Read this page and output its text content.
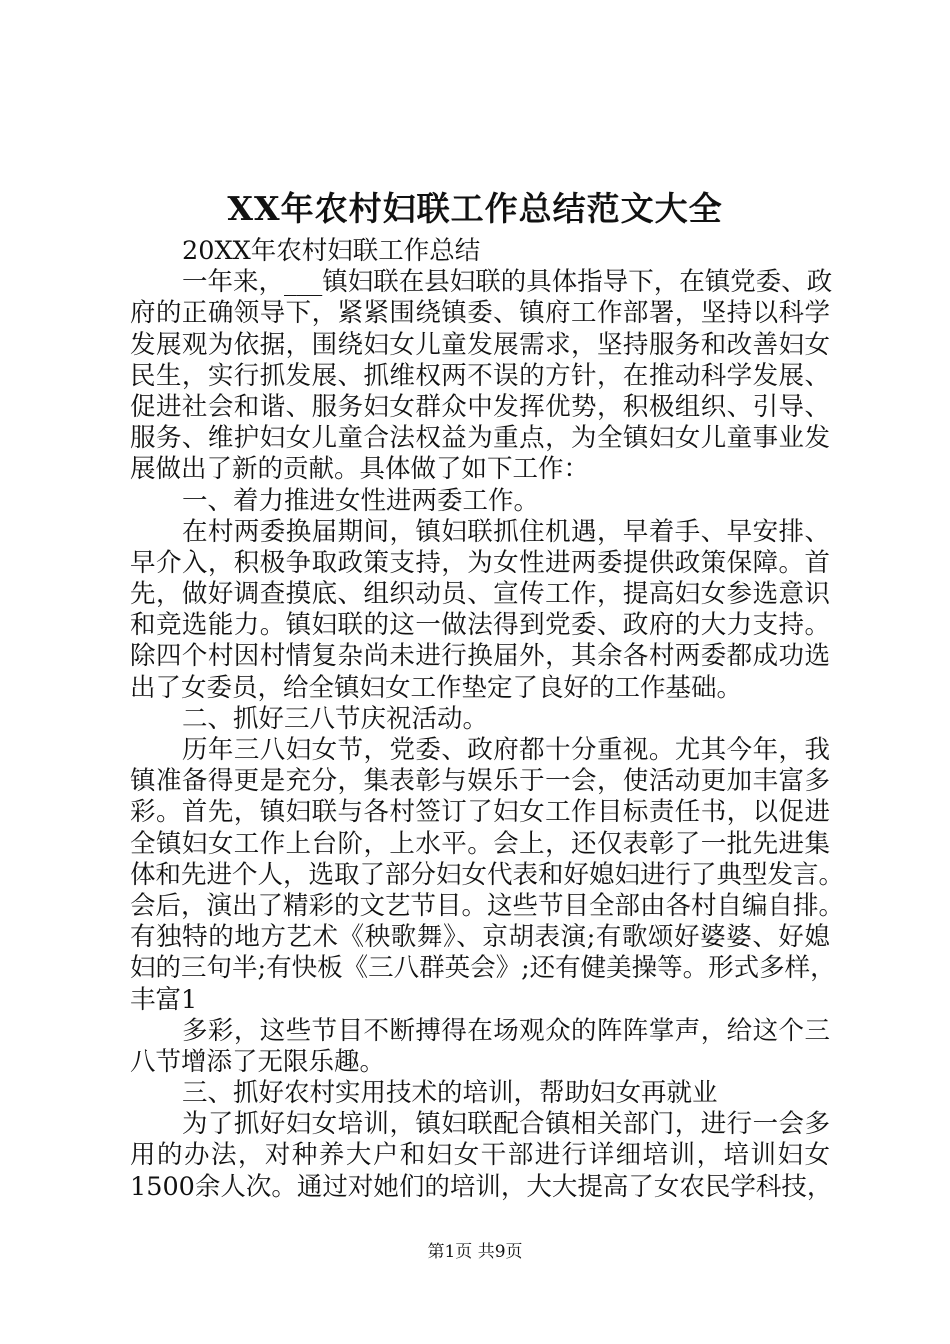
XX年农村妇联工作总结范文大全
20XX年农村妇联工作总结
一年来，___镇妇联在县妇联的具体指导下，在镇党委、政
府的正确领导下，紧紧围绕镇委、镇府工作部署，坚持以科学
发展观为依据，围绕妇女儿童发展需求，坚持服务和改善妇女
民生，实行抓发展、抓维权两不误的方针，在推动科学发展、
促进社会和谐、服务妇女群众中发挥优势，积极组织、引导、
服务、维护妇女儿童合法权益为重点，为全镇妇女儿童事业发
展做出了新的贡献。具体做了如下工作：
一、着力推进女性进两委工作。
在村两委换届期间，镇妇联抓住机遇，早着手、早安排、
早介入，积极争取政策支持，为女性进两委提供政策保障。首
先，做好调查摸底、组织动员、宣传工作，提高妇女参选意识
和竞选能力。镇妇联的这一做法得到党委、政府的大力支持。
除四个村因村情复杂尚未进行换届外，其余各村两委都成功选
出了女委员，给全镇妇女工作垫定了良好的工作基础。
二、抓好三八节庆祝活动。
历年三八妇女节，党委、政府都十分重视。尤其今年，我
镇准备得更是充分，集表彰与娱乐于一会，使活动更加丰富多
彩。首先，镇妇联与各村签订了妇女工作目标责任书，以促进
全镇妇女工作上台阶，上水平。会上，还仅表彰了一批先进集
体和先进个人，选取了部分妇女代表和好媳妇进行了典型发言。
会后，演出了精彩的文艺节目。这些节目全部由各村自编自排。
有独特的地方艺术《秧歌舞》、京胡表演;有歌颂好婆婆、好媳
妇的三句半;有快板《三八群英会》;还有健美操等。形式多样，
丰富1
多彩，这些节目不断搏得在场观众的阵阵掌声，给这个三
八节增添了无限乐趣。
三、抓好农村实用技术的培训，帮助妇女再就业
为了抓好妇女培训，镇妇联配合镇相关部门，进行一会多
用的办法，对种养大户和妇女干部进行详细培训，培训妇女
1500余人次。通过对她们的培训，大大提高了女农民学科技，
第1页 共9页
